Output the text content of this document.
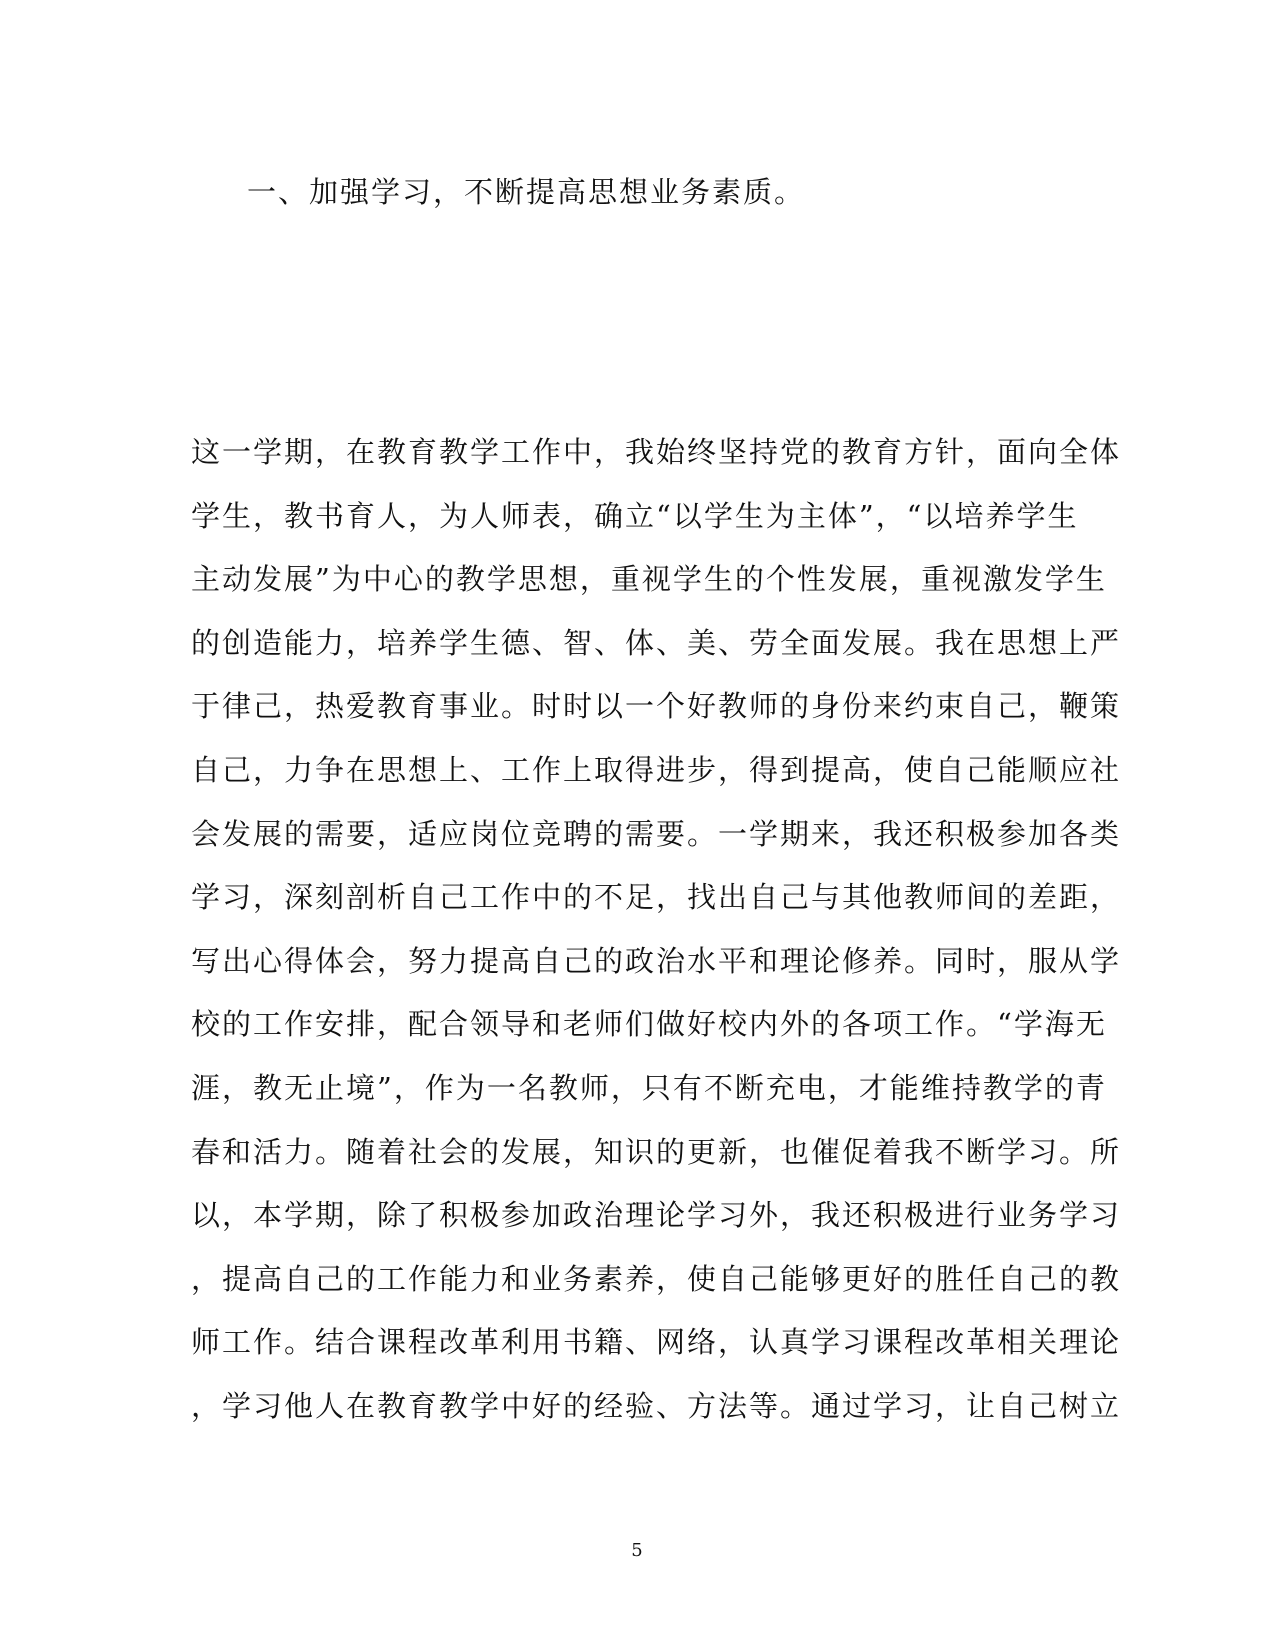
一、加强学习，不断提高思想业务素质。
这一学期，在教育教学工作中，我始终坚持党的教育方针，面向全体
学生，教书育人，为人师表，确立“以学生为主体”，“以培养学生
主动发展”为中心的教学思想，重视学生的个性发展，重视激发学生
的创造能力，培养学生德、智、体、美、劳全面发展。我在思想上严
于律己，热爱教育事业。时时以一个好教师的身份来约束自己，鞭策
自己，力争在思想上、工作上取得进步，得到提高，使自己能顺应社
会发展的需要，适应岗位竞聘的需要。一学期来，我还积极参加各类
学习，深刻剖析自己工作中的不足，找出自己与其他教师间的差距，
写出心得体会，努力提高自己的政治水平和理论修养。同时，服从学
校的工作安排，配合领导和老师们做好校内外的各项工作。“学海无
涯，教无止境”，作为一名教师，只有不断充电，才能维持教学的青
春和活力。随着社会的发展，知识的更新，也催促着我不断学习。所
以，本学期，除了积极参加政治理论学习外，我还积极进行业务学习
，提高自己的工作能力和业务素养，使自己能够更好的胜任自己的教
师工作。结合课程改革利用书籍、网络，认真学习课程改革相关理论
，学习他人在教育教学中好的经验、方法等。通过学习，让自己树立
5
